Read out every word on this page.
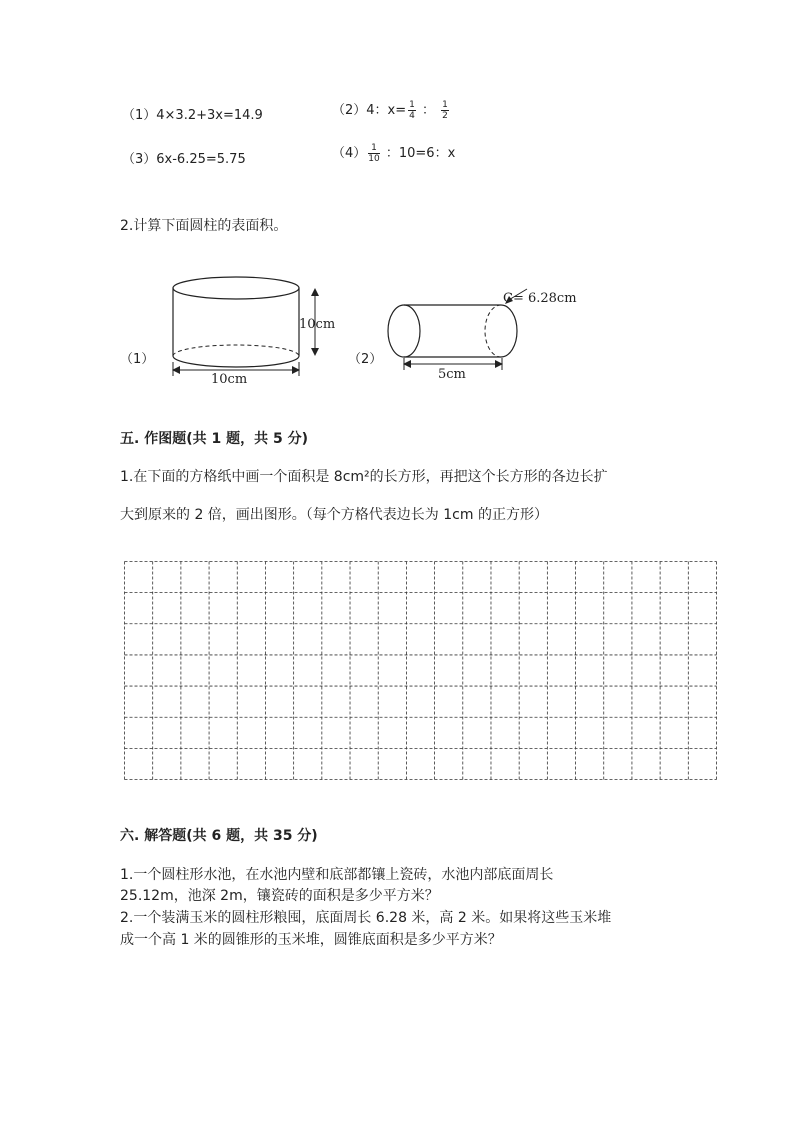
（1）4×3.2+3x=14.9	（2）4：$x= \frac{1}{4}$ ： $\frac{1}{2}$
（3）6x-6.25=5.75	$(4) \frac{1}{10}$ ：10=6：x
2.计算下面圆柱的表面积。
（1）
10cm
10cm
（2）
C= 6.28cm
5cm
五. 作图题(共 1 题，共 5 分)
1.在下面的方格纸中画一个面积是 8cm²的长方形，再把这个长方形的各边长扩
大到原来的 2 倍，画出图形。（每个方格代表边长为 1cm 的正方形）
六. 解答题(共 6 题，共 35 分)
1.一个圆柱形水池，在水池内壁和底部都镶上瓷砖，水池内部底面周长
25.12m，池深 2m，镶瓷砖的面积是多少平方米？
2.一个装满玉米的圆柱形粮囤，底面周长 6.28 米，高 2 米。如果将这些玉米堆
成一个高 1 米的圆锥形的玉米堆，圆锥底面积是多少平方米？
